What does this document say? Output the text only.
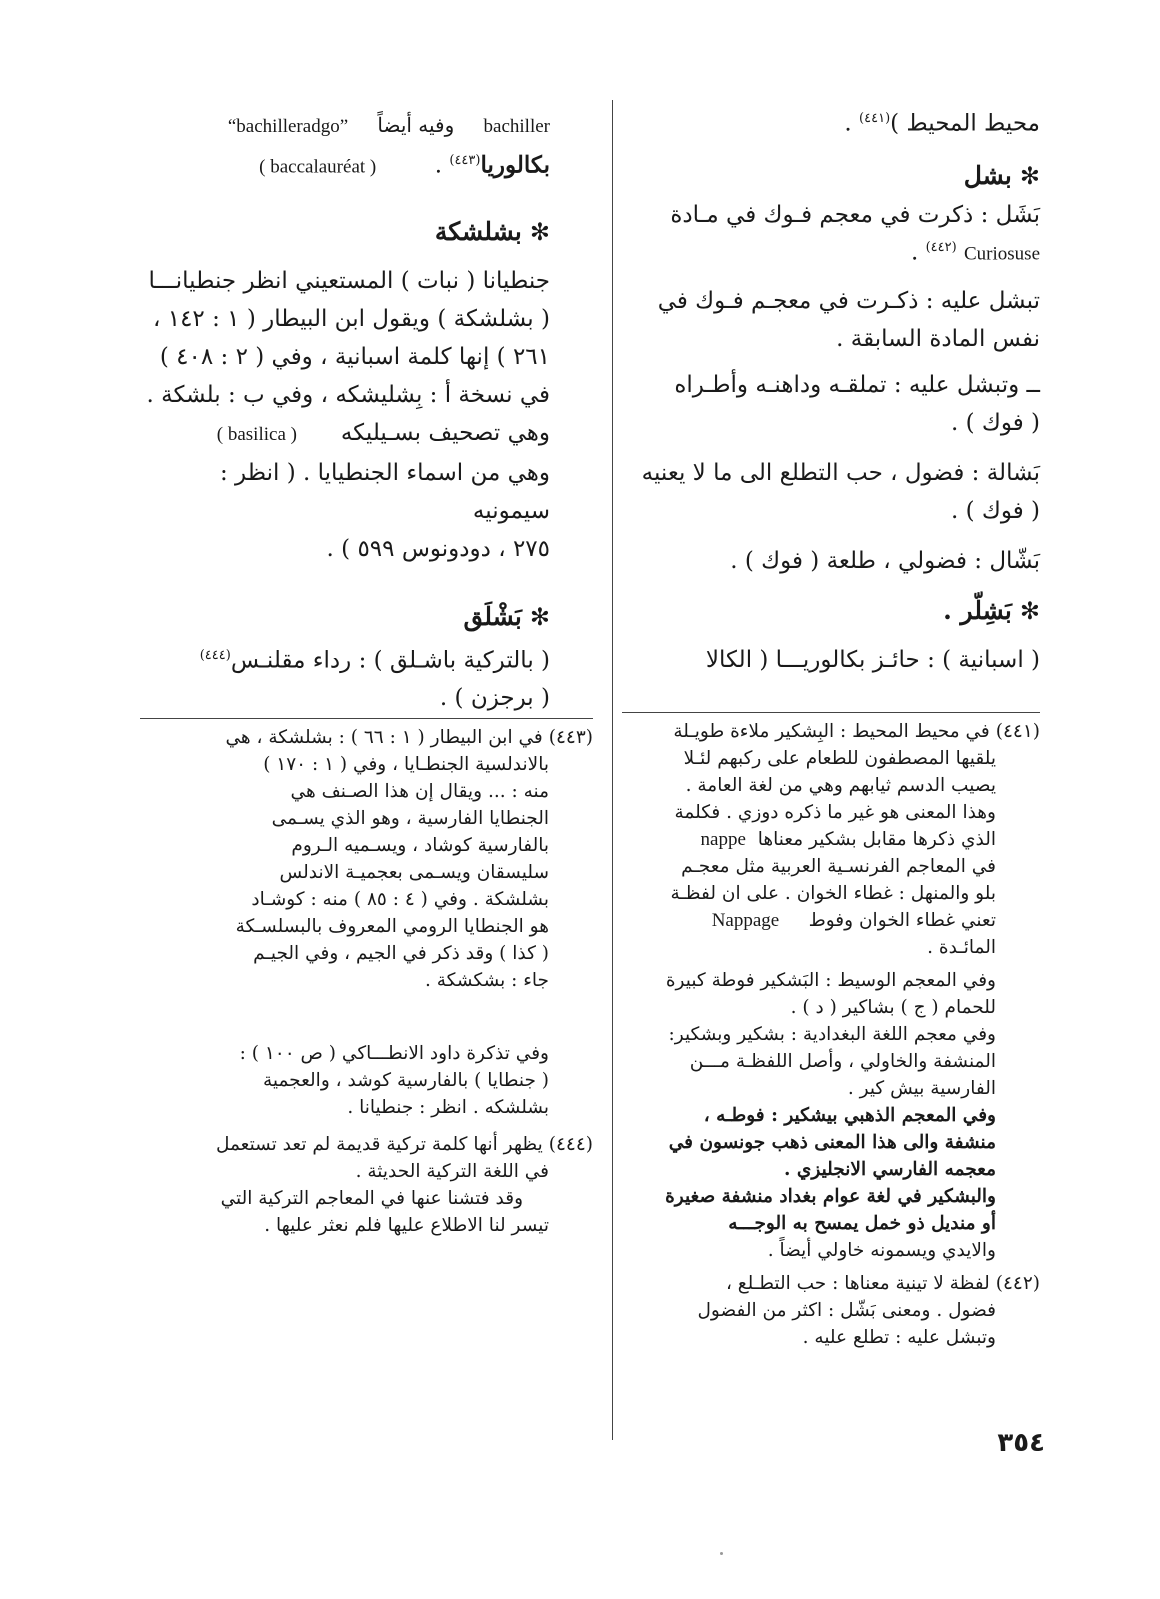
محيط المحيط )$^{(٤٤١)}$ .

✻بشل

بَشَل : ذكرت في معجم فـوك في مـادة

Curiosuse $^{(٤٤٢)}$ .

تبشل عليه : ذكـرت في معجـم فـوك في

نفس المادة السابقة .

ــ وتبشل عليه : تملقـه وداهنـه وأطـراه

( فوك ) .

بَشالة : فضول ، حب التطلع الى ما لا يعنيه

( فوك ) .

بَشّال : فضولي ، طلعة ( فوك ) .

✻بَشِلّر .

( اسبانية ) : حائـز بكالوريـــا ( الكالا

bachiller    وفيه أيضاً    “bachilleradgo”

بكالوريا$^{(٤٤٣)}$ .        ( baccalauréat )

✻بشلشكة

جنطيانا ( نبات ) المستعيني انظر جنطيانـــا

( بشلشكة ) ويقول ابن البيطار ( ١ : ١٤٢ ،

٢٦١ ) إنها كلمة اسبانية ، وفي ( ٢ : ٤٠٨ )

في نسخة أ : بِشليشكه ، وفي ب : بلشكة .

وهي تصحيف بسـيليكه      ( basilica )

وهي من اسماء الجنطيايا . ( انظر : سيمونيه

٢٧٥ ، دودونوس ٥٩٩ ) .

✻بَشْلَق

( بالتركية باشـلق ) : رداء مقلنـس$^{(٤٤٤)}$

( برجزن ) .

(٤٤١)في محيط المحيط : البِشكير ملاءة طويـلة

يلقيها المصطفون للطعام على ركبهم لئـلا

يصيب الدسم ثيابهم وهي من لغة العامة .

وهذا المعنى هو غير ما ذكره دوزي . فكلمة

الذي ذكرها مقابل بشكير معناها  nappe

في المعاجم الفرنسـية العربية مثل معجـم

بلو والمنهل : غطاء الخوان . على ان لفظـة

تعني غطاء الخوان وفوط     Nappage

المائـدة .

وفي المعجم الوسيط : البَشكير فوطة كبيرة

للحمام ( ج ) بشاكير ( د ) .

وفي معجم اللغة البغدادية : بشكير وبشكير:

المنشفة والخاولي ، وأصل اللفظـة مـــن

الفارسية بيش كير .

وفي المعجم الذهبي بيشكير : فوطـه ،

منشفة والى هذا المعنى ذهب جونسون في

معجمه الفارسي الانجليزي .

والبشكير في لغة عوام بغداد منشفة صغيرة

أو منديل ذو خمل يمسح به الوجـــه

والايدي ويسمونه خاولي أيضاً .

(٤٤٢)لفظة لا تينية معناها : حب التطـلع ،

فضول . ومعنى بَشّل : اكثر من الفضول

وتبشل عليه : تطلع عليه .

(٤٤٣)في ابن البيطار ( ١ : ٦٦ ) : بشلشكة ، هي

بالاندلسية الجنطـايا ، وفي ( ١ : ١٧٠ )

منه : ... ويقال إن هذا الصـنف هي

الجنطايا الفارسية ، وهو الذي يسـمى

بالفارسية كوشاد ، ويسـميه الـروم

سليسقان ويسـمى بعجميـة الاندلس

بشلشكة . وفي ( ٤ : ٨٥ ) منه : كوشـاد

هو الجنطايا الرومي المعروف بالبسلسـكة

( كذا ) وقد ذكر في الجيم ، وفي الجيـم

جاء : بشكشكة .

وفي تذكرة داود الانطـــاكي ( ص ١٠٠ ) :

( جنطايا ) بالفارسية كوشد ، والعجمية

بشلشكه . انظر : جنطيانا .

(٤٤٤)يظهر أنها كلمة تركية قديمة لم تعد تستعمل

في اللغة التركية الحديثة .

وقد فتشنا عنها في المعاجم التركية التي

تيسر لنا الاطلاع عليها فلم نعثر عليها .

٣٥٤
